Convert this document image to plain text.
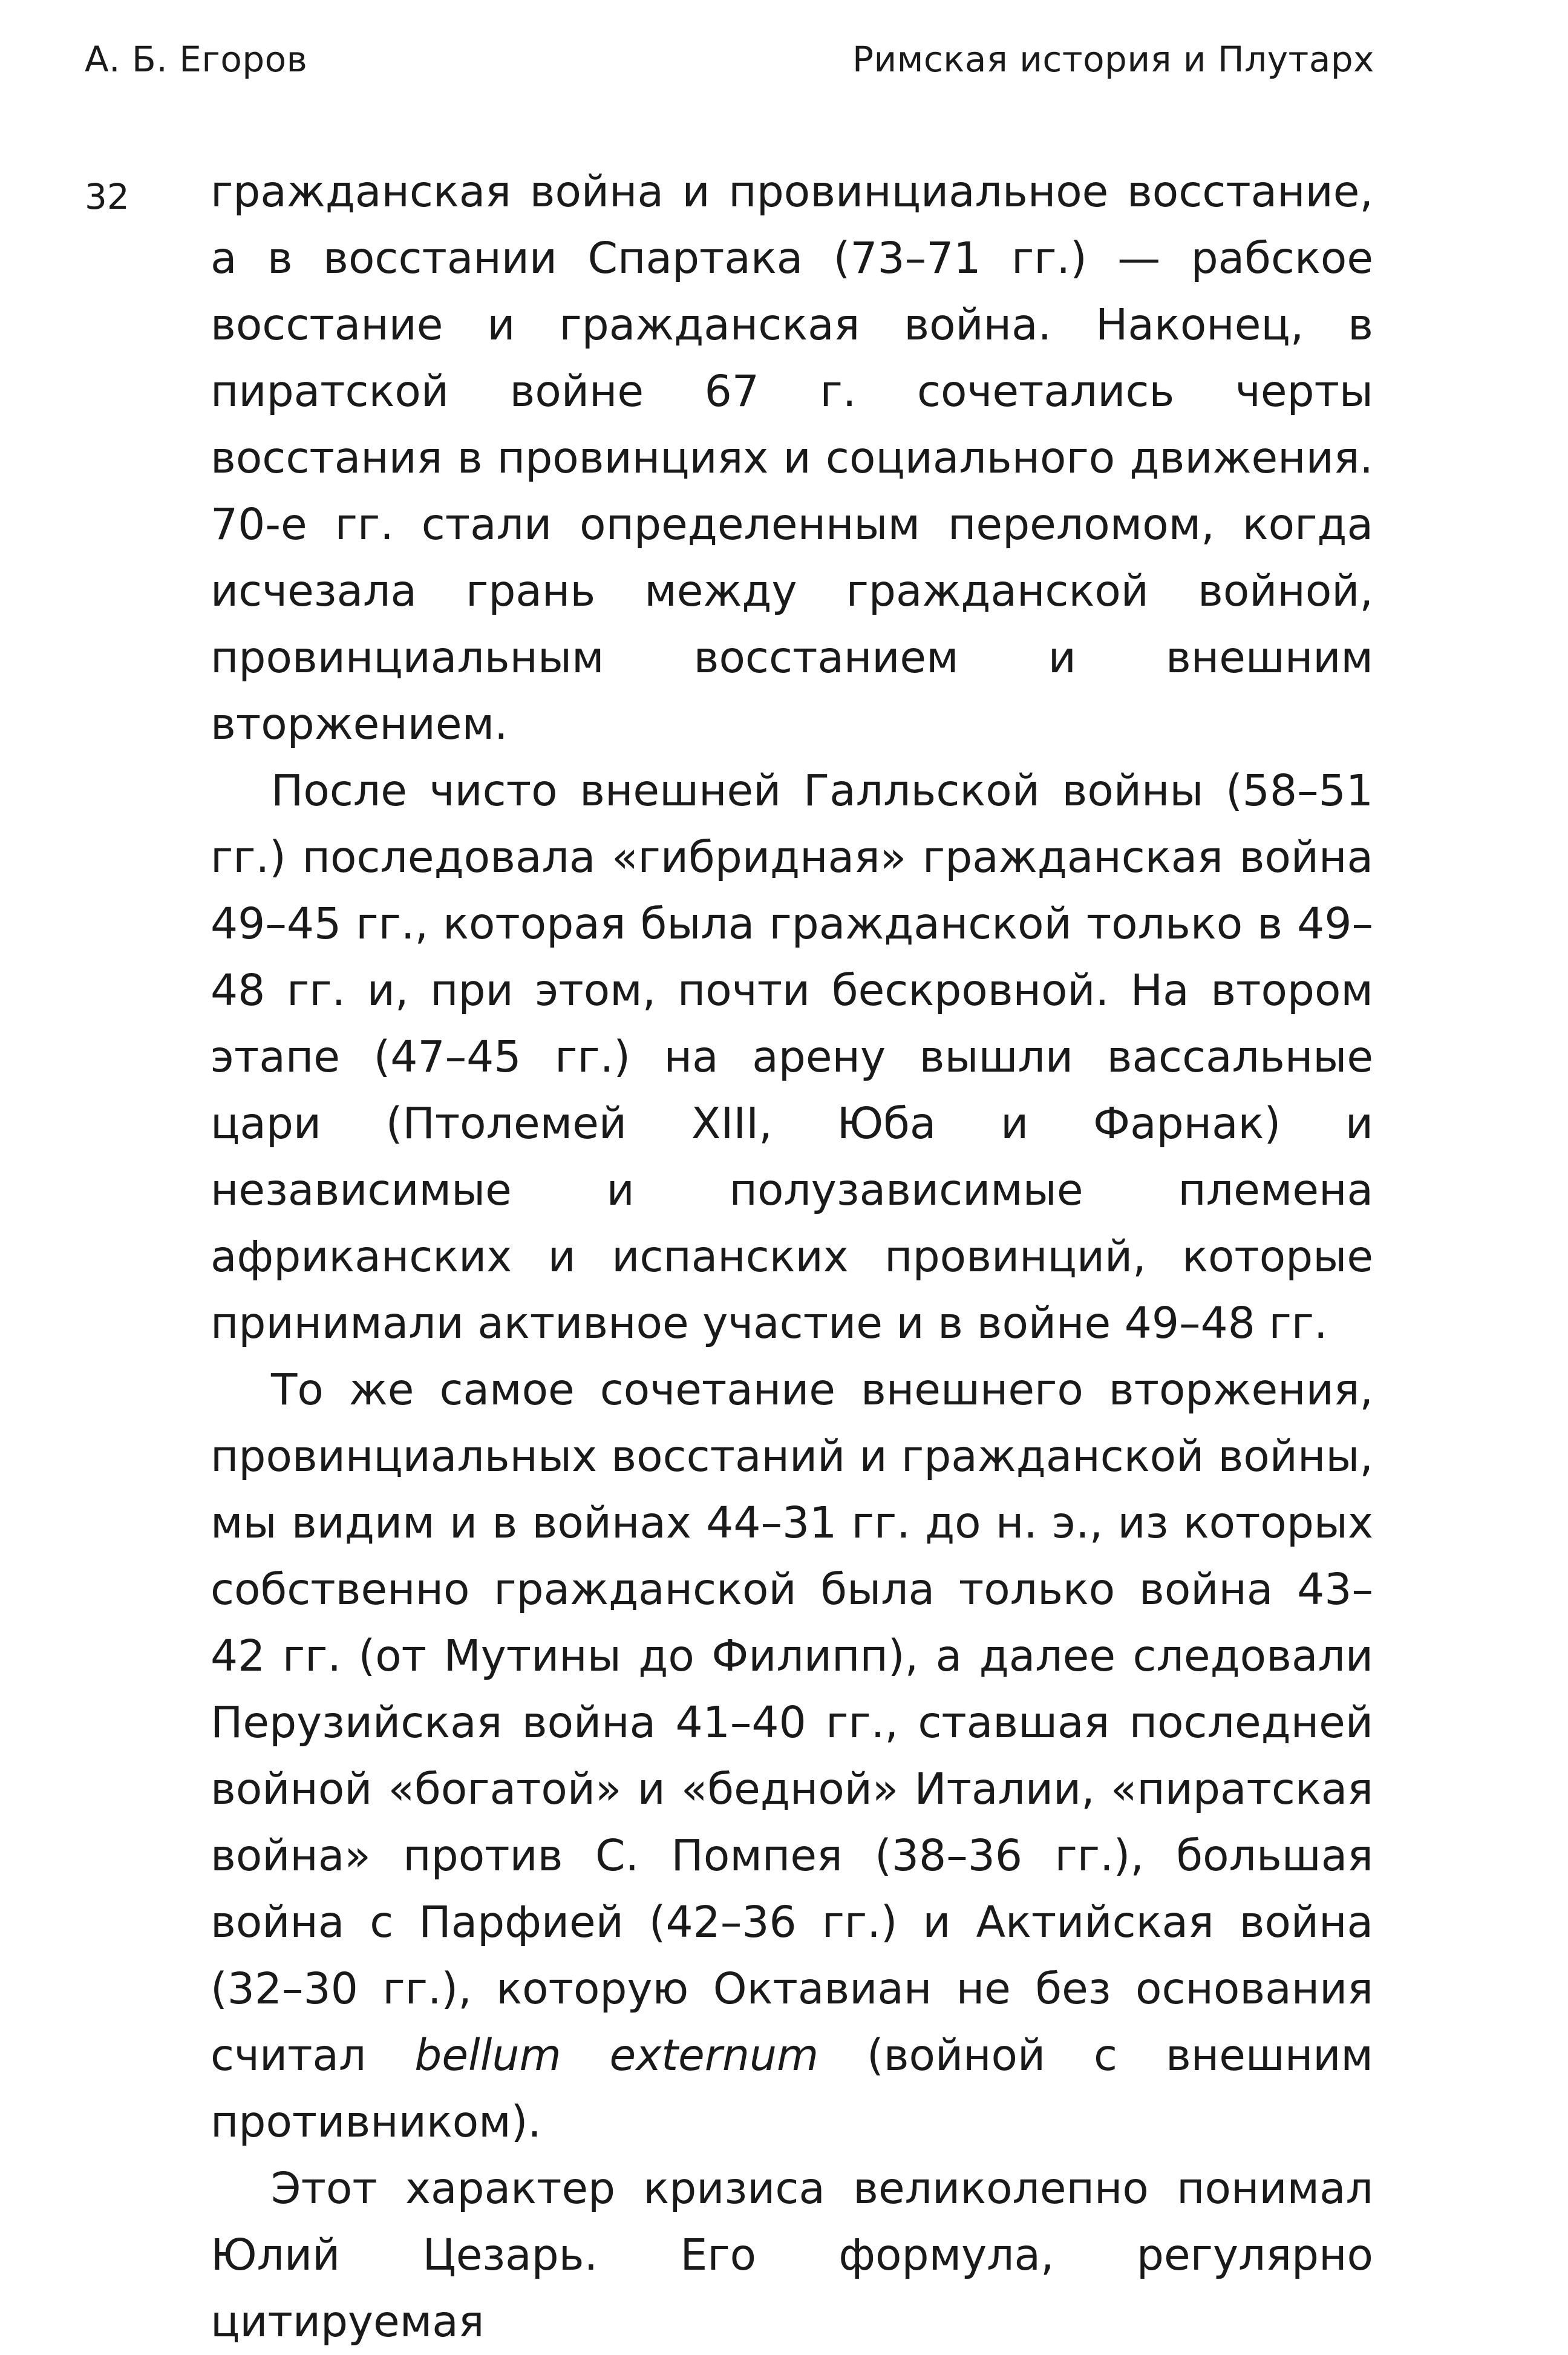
А. Б. Егоров	Римская история и Плутарх
32 гражданская война и провинциальное восстание, а в восстании Спартака (73–71 гг.) — рабское восстание и гражданская война. Наконец, в пиратской войне 67 г. сочетались черты восстания в провинциях и социального движения. 70-е гг. стали определенным переломом, когда исчезала грань между гражданской войной, провинциальным восстанием и внешним вторжением.

После чисто внешней Галльской войны (58–51 гг.) последовала «гибридная» гражданская война 49–45 гг., которая была гражданской только в 49–48 гг. и, при этом, почти бескровной. На втором этапе (47–45 гг.) на арену вышли вассальные цари (Птолемей XIII, Юба и Фарнак) и независимые и полузависимые племена африканских и испанских провинций, которые принимали активное участие и в войне 49–48 гг.

То же самое сочетание внешнего вторжения, провинциальных восстаний и гражданской войны, мы видим и в войнах 44–31 гг. до н. э., из которых собственно гражданской была только война 43–42 гг. (от Мутины до Филипп), а далее следовали Перузийская война 41–40 гг., ставшая последней войной «богатой» и «бедной» Италии, «пиратская война» против С. Помпея (38–36 гг.), большая война с Парфией (42–36 гг.) и Актийская война (32–30 гг.), которую Октавиан не без основания считал bellum externum (войной с внешним противником).

Этот характер кризиса великолепно понимал Юлий Цезарь. Его формула, регулярно цитируемая
